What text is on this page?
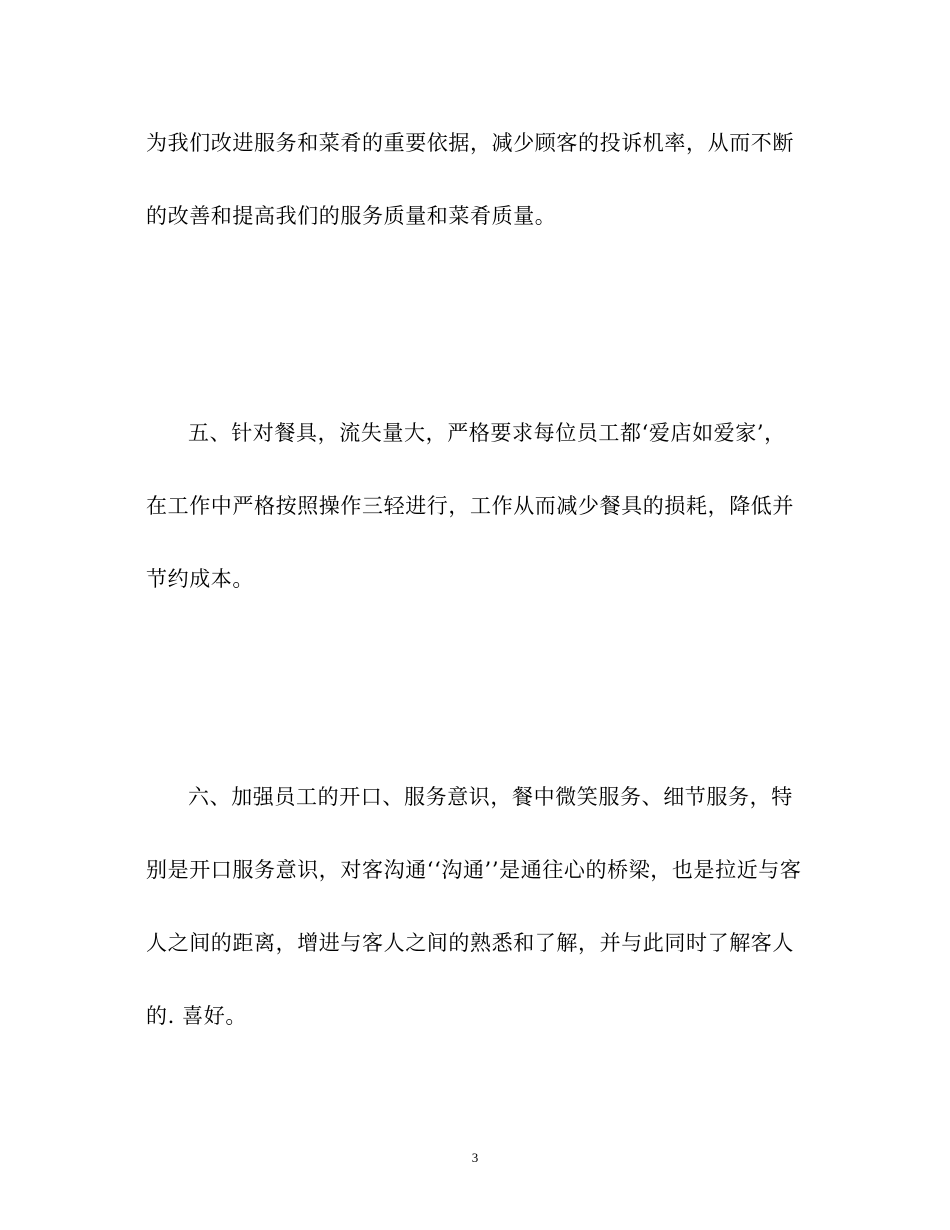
为我们改进服务和菜肴的重要依据，减少顾客的投诉机率，从而不断
的改善和提高我们的服务质量和菜肴质量。
五、针对餐具，流失量大，严格要求每位员工都‘爱店如爱家’，
在工作中严格按照操作三轻进行，工作从而减少餐具的损耗，降低并
节约成本。
六、加强员工的开口、服务意识，餐中微笑服务、细节服务，特
别是开口服务意识，对客沟通‘‘沟通’’是通往心的桥梁，也是拉近与客
人之间的距离，增进与客人之间的熟悉和了解，并与此同时了解客人
的. 喜好。
3
